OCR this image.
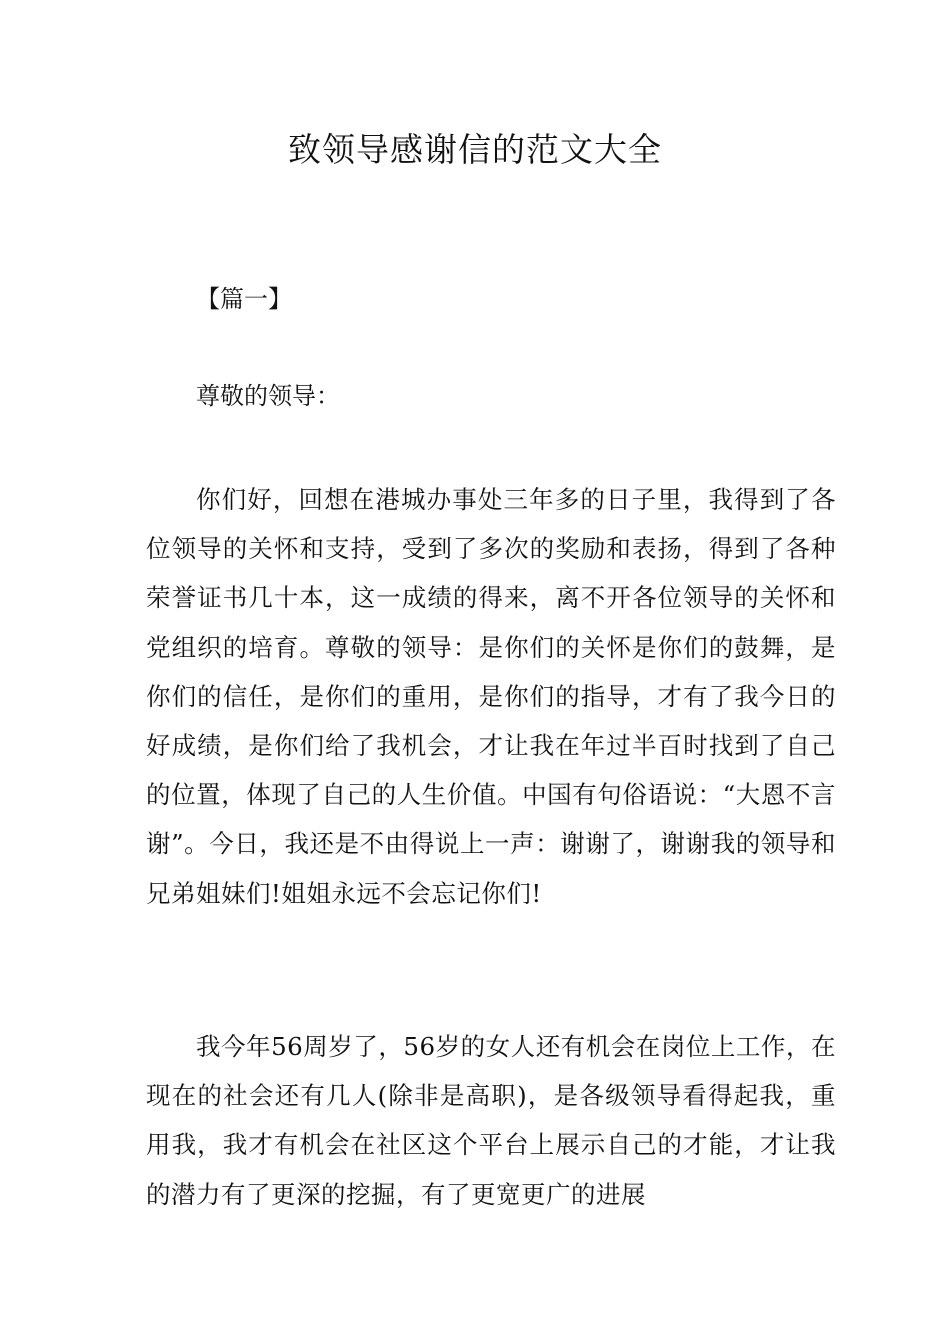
致领导感谢信的范文大全
【篇一】
尊敬的领导：

你们好，回想在港城办事处三年多的日子里，我得到了各位领导的关怀和支持，受到了多次的奖励和表扬，得到了各种荣誉证书几十本，这一成绩的得来，离不开各位领导的关怀和党组织的培育。尊敬的领导：是你们的关怀是你们的鼓舞，是你们的信任，是你们的重用，是你们的指导，才有了我今日的好成绩，是你们给了我机会，才让我在年过半百时找到了自己的位置，体现了自己的人生价值。中国有句俗语说：“大恩不言谢”。今日，我还是不由得说上一声：谢谢了，谢谢我的领导和兄弟姐妹们!姐姐永远不会忘记你们!

我今年56周岁了，56岁的女人还有机会在岗位上工作，在现在的社会还有几人(除非是高职)，是各级领导看得起我，重用我，我才有机会在社区这个平台上展示自己的才能，才让我的潜力有了更深的挖掘，有了更宽更广的进展
